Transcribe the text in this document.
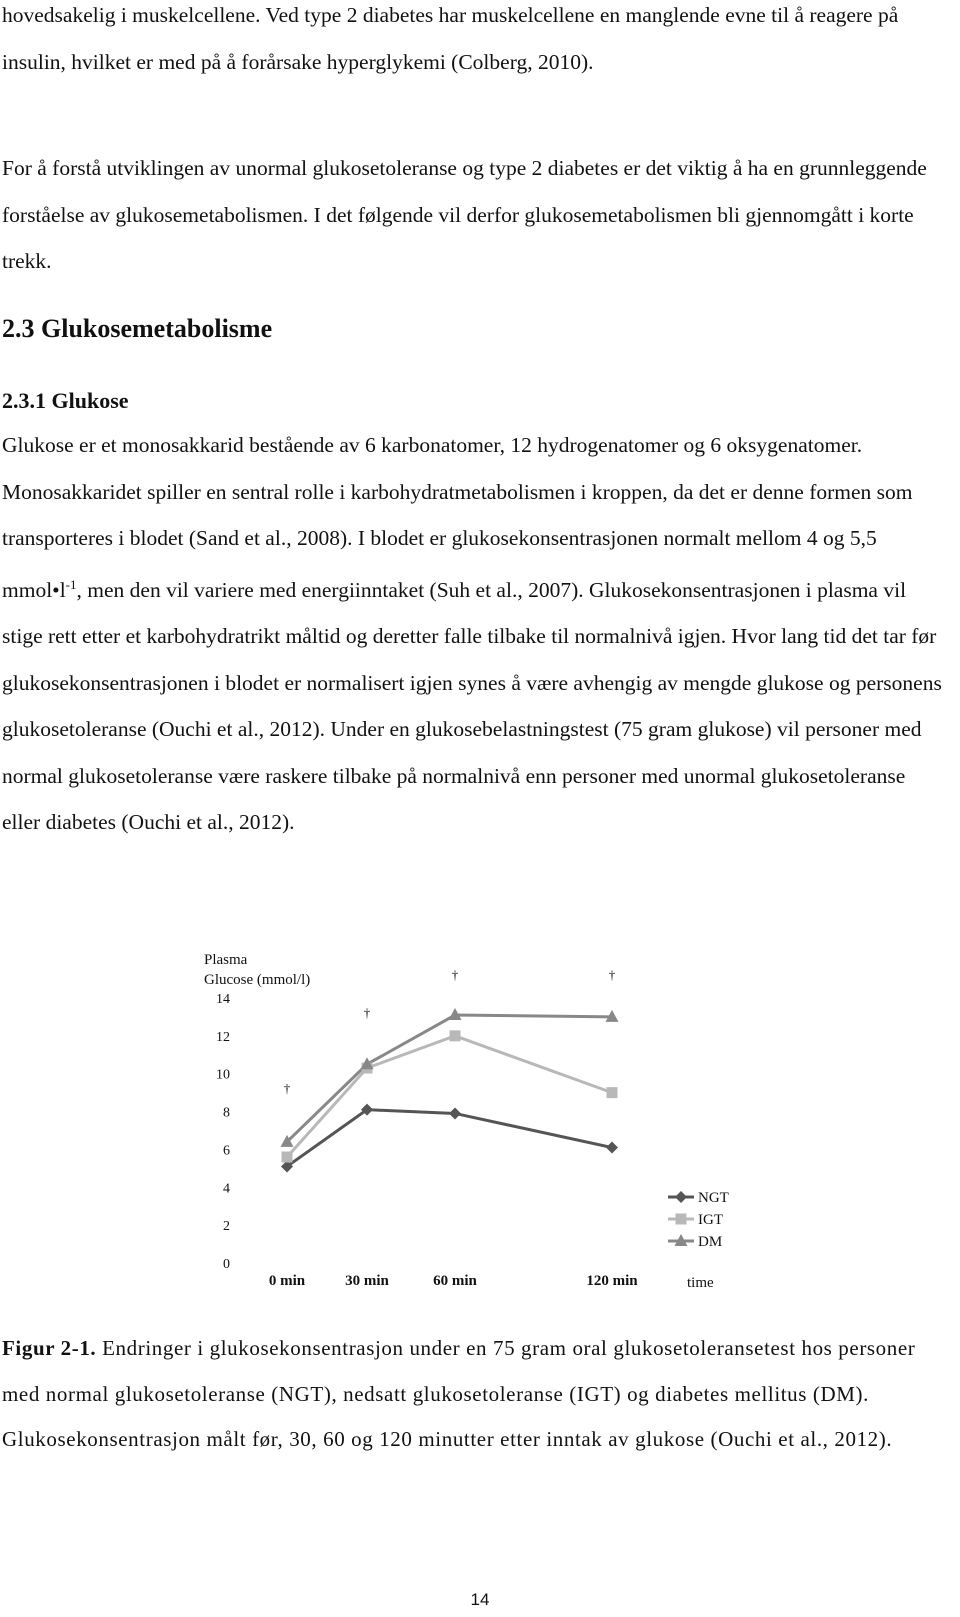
hovedsakelig i muskelcellene. Ved type 2 diabetes har muskelcellene en manglende evne til å reagere på insulin, hvilket er med på å forårsake hyperglykemi (Colberg, 2010).

For å forstå utviklingen av unormal glukosetoleranse og type 2 diabetes er det viktig å ha en grunnleggende forståelse av glukosemetabolismen. I det følgende vil derfor glukosemetabolismen bli gjennomgått i korte trekk.

2.3 Glukosemetabolisme
2.3.1 Glukose

Glukose er et monosakkarid bestående av 6 karbonatomer, 12 hydrogenatomer og 6 oksygenatomer. Monosakkaridet spiller en sentral rolle i karbohydratmetabolismen i kroppen, da det er denne formen som transporteres i blodet (Sand et al., 2008). I blodet er glukosekonsentrasjonen normalt mellom 4 og 5,5 $mmol•l^{-1}$, men den vil variere med energiinntaket (Suh et al., 2007). Glukosekonsentrasjonen i plasma vil stige rett etter et karbohydratrikt måltid og deretter falle tilbake til normalnivå igjen. Hvor lang tid det tar før glukosekonsentrasjonen i blodet er normalisert igjen synes å være avhengig av mengde glukose og personens glukosetoleranse (Ouchi et al., 2012). Under en glukosebelastningstest (75 gram glukose) vil personer med normal glukosetoleranse være raskere tilbake på normalnivå enn personer med unormal glukosetoleranse eller diabetes (Ouchi et al., 2012).

Plasma
Glucose (mmol/l)
time
0
2
4
6
8
10
12
14
0 min	30 min	60 min	120 min
†
†
†	†
NGT
IGT
DM

Figur 2-1. Endringer i glukosekonsentrasjon under en 75 gram oral glukosetoleransetest hos personer med normal glukosetoleranse (NGT), nedsatt glukosetoleranse (IGT) og diabetes mellitus (DM). Glukosekonsentrasjon målt før, 30, 60 og 120 minutter etter inntak av glukose (Ouchi et al., 2012).

14
